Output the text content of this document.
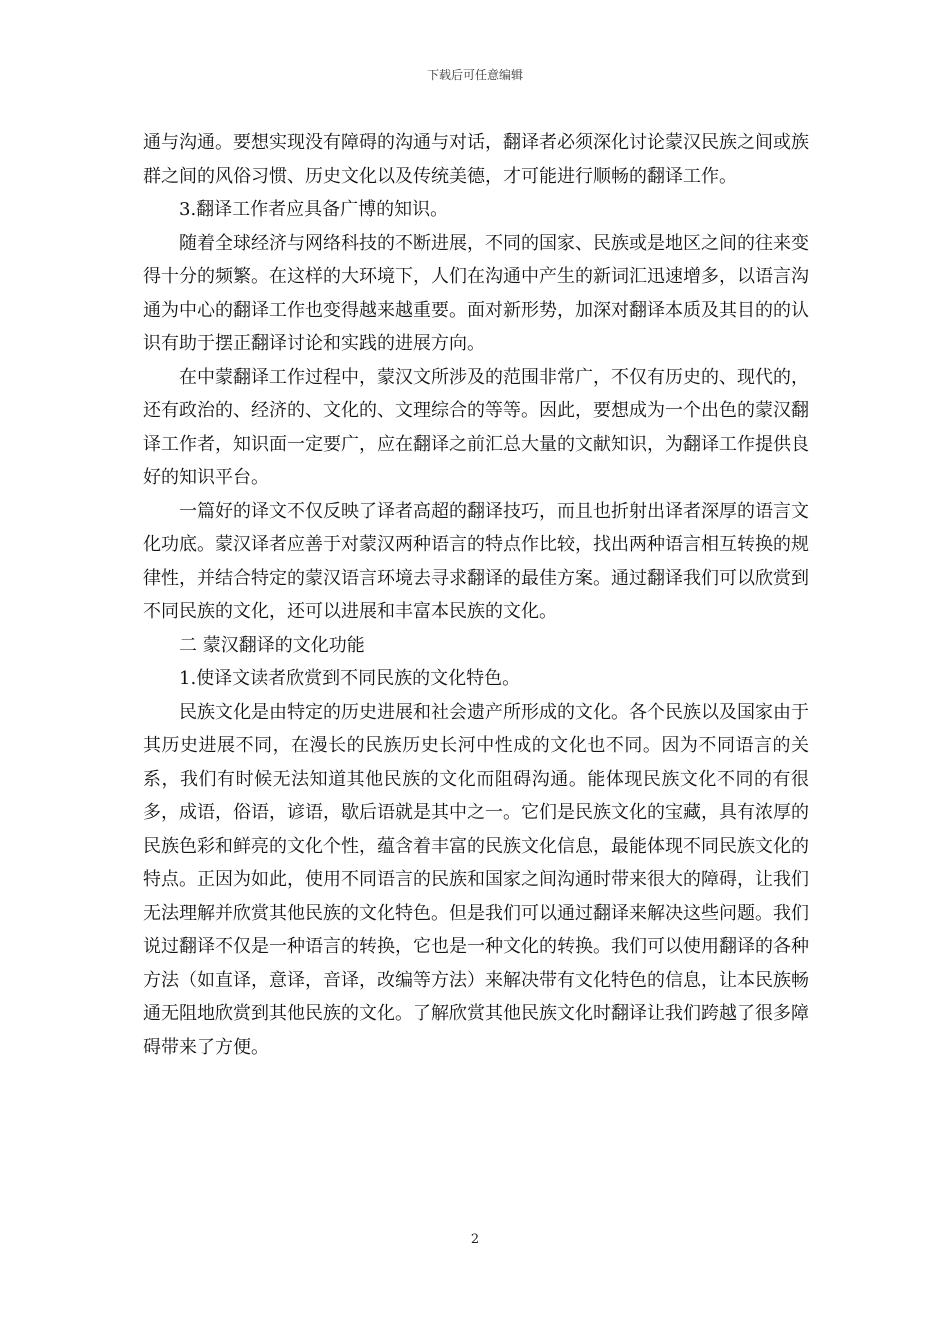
下载后可任意编辑

通与沟通。要想实现没有障碍的沟通与对话，翻译者必须深化讨论蒙汉民族之间或族群之间的风俗习惯、历史文化以及传统美德，才可能进行顺畅的翻译工作。

3.翻译工作者应具备广博的知识。

随着全球经济与网络科技的不断进展，不同的国家、民族或是地区之间的往来变得十分的频繁。在这样的大环境下，人们在沟通中产生的新词汇迅速增多，以语言沟通为中心的翻译工作也变得越来越重要。面对新形势，加深对翻译本质及其目的的认识有助于摆正翻译讨论和实践的进展方向。

在中蒙翻译工作过程中，蒙汉文所涉及的范围非常广，不仅有历史的、现代的，还有政治的、经济的、文化的、文理综合的等等。因此，要想成为一个出色的蒙汉翻译工作者，知识面一定要广，应在翻译之前汇总大量的文献知识，为翻译工作提供良好的知识平台。

一篇好的译文不仅反映了译者高超的翻译技巧，而且也折射出译者深厚的语言文化功底。蒙汉译者应善于对蒙汉两种语言的特点作比较，找出两种语言相互转换的规律性，并结合特定的蒙汉语言环境去寻求翻译的最佳方案。通过翻译我们可以欣赏到不同民族的文化，还可以进展和丰富本民族的文化。

二 蒙汉翻译的文化功能

1.使译文读者欣赏到不同民族的文化特色。

民族文化是由特定的历史进展和社会遗产所形成的文化。各个民族以及国家由于其历史进展不同，在漫长的民族历史长河中性成的文化也不同。因为不同语言的关系，我们有时候无法知道其他民族的文化而阻碍沟通。能体现民族文化不同的有很多，成语，俗语，谚语，歇后语就是其中之一。它们是民族文化的宝藏，具有浓厚的民族色彩和鲜亮的文化个性，蕴含着丰富的民族文化信息，最能体现不同民族文化的特点。正因为如此，使用不同语言的民族和国家之间沟通时带来很大的障碍，让我们无法理解并欣赏其他民族的文化特色。但是我们可以通过翻译来解决这些问题。我们说过翻译不仅是一种语言的转换，它也是一种文化的转换。我们可以使用翻译的各种方法（如直译，意译，音译，改编等方法）来解决带有文化特色的信息，让本民族畅通无阻地欣赏到其他民族的文化。了解欣赏其他民族文化时翻译让我们跨越了很多障碍带来了方便。

2
